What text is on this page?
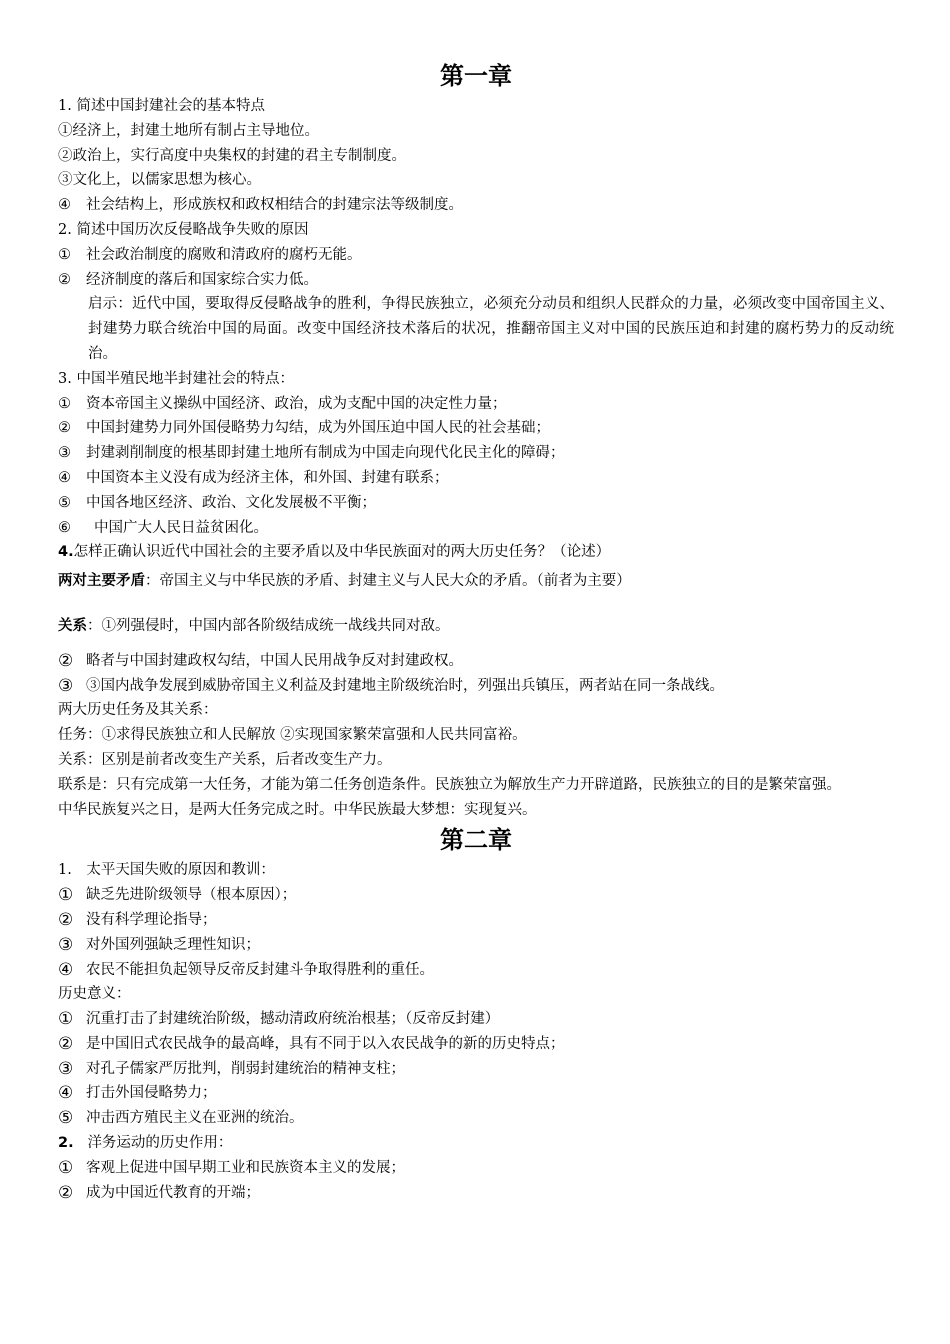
第一章
1. 简述中国封建社会的基本特点
①经济上，封建土地所有制占主导地位。
②政治上，实行高度中央集权的封建的君主专制制度。
③文化上，以儒家思想为核心。
④	社会结构上，形成族权和政权相结合的封建宗法等级制度。
2. 简述中国历次反侵略战争失败的原因
①	社会政治制度的腐败和清政府的腐朽无能。
②	经济制度的落后和国家综合实力低。
启示：近代中国，要取得反侵略战争的胜利，争得民族独立，必须充分动员和组织人民群众的力量，必须改变中国帝国主义、封建势力联合统治中国的局面。改变中国经济技术落后的状况，推翻帝国主义对中国的民族压迫和封建的腐朽势力的反动统治。
3. 中国半殖民地半封建社会的特点：
①	资本帝国主义操纵中国经济、政治，成为支配中国的决定性力量；
②	中国封建势力同外国侵略势力勾结，成为外国压迫中国人民的社会基础；
③	封建剥削制度的根基即封建土地所有制成为中国走向现代化民主化的障碍；
④	中国资本主义没有成为经济主体，和外国、封建有联系；
⑤	中国各地区经济、政治、文化发展极不平衡；
⑥	中国广大人民日益贫困化。
4.怎样正确认识近代中国社会的主要矛盾以及中华民族面对的两大历史任务？（论述）
两对主要矛盾：帝国主义与中华民族的矛盾、封建主义与人民大众的矛盾。（前者为主要）
关系：①列强侵时，中国内部各阶级结成统一战线共同对敌。
② 略者与中国封建政权勾结，中国人民用战争反对封建政权。
③ ③国内战争发展到威胁帝国主义利益及封建地主阶级统治时，列强出兵镇压，两者站在同一条战线。
两大历史任务及其关系：
任务：①求得民族独立和人民解放 ②实现国家繁荣富强和人民共同富裕。
关系：区别是前者改变生产关系，后者改变生产力。
联系是：只有完成第一大任务，才能为第二任务创造条件。民族独立为解放生产力开辟道路，民族独立的目的是繁荣富强。
中华民族复兴之日，是两大任务完成之时。中华民族最大梦想：实现复兴。
第二章
1.　太平天国失败的原因和教训：
① 缺乏先进阶级领导（根本原因）；
② 没有科学理论指导；
③ 对外国列强缺乏理性知识；
④ 农民不能担负起领导反帝反封建斗争取得胜利的重任。
历史意义：
① 沉重打击了封建统治阶级，撼动清政府统治根基；（反帝反封建）
② 是中国旧式农民战争的最高峰，具有不同于以入农民战争的新的历史特点；
③ 对孔子儒家严厉批判，削弱封建统治的精神支柱；
④ 打击外国侵略势力；
⑤ 冲击西方殖民主义在亚洲的统治。
2. 洋务运动的历史作用：
① 客观上促进中国早期工业和民族资本主义的发展；
② 成为中国近代教育的开端；
